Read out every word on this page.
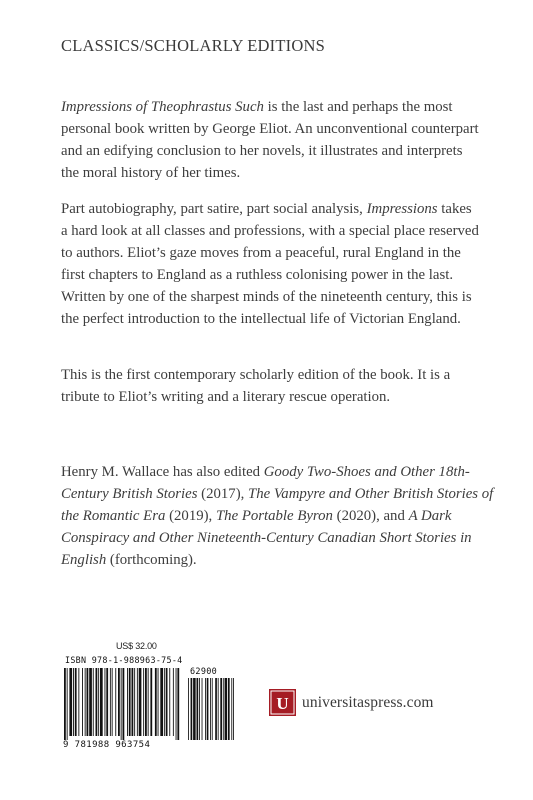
CLASSICS/SCHOLARLY EDITIONS

Impressions of Theophrastus Such is the last and perhaps the most personal book written by George Eliot. An unconventional counterpart and an edifying conclusion to her novels, it illustrates and interprets the moral history of her times.

Part autobiography, part satire, part social analysis, Impressions takes a hard look at all classes and professions, with a special place reserved to authors. Eliot’s gaze moves from a peaceful, rural England in the first chapters to England as a ruthless colonising power in the last. Written by one of the sharpest minds of the nineteenth century, this is the perfect introduction to the intellectual life of Victorian England.

This is the first contemporary scholarly edition of the book. It is a tribute to Eliot’s writing and a literary rescue operation.

Henry M. Wallace has also edited Goody Two-Shoes and Other 18th-Century British Stories (2017), The Vampyre and Other British Stories of the Romantic Era (2019), The Portable Byron (2020), and A Dark Conspiracy and Other Nineteenth-Century Canadian Short Stories in English (forthcoming).

US$ 32.00
ISBN 978-1-988963-75-4
9 781988 963754
62900
U universitaspress.com
